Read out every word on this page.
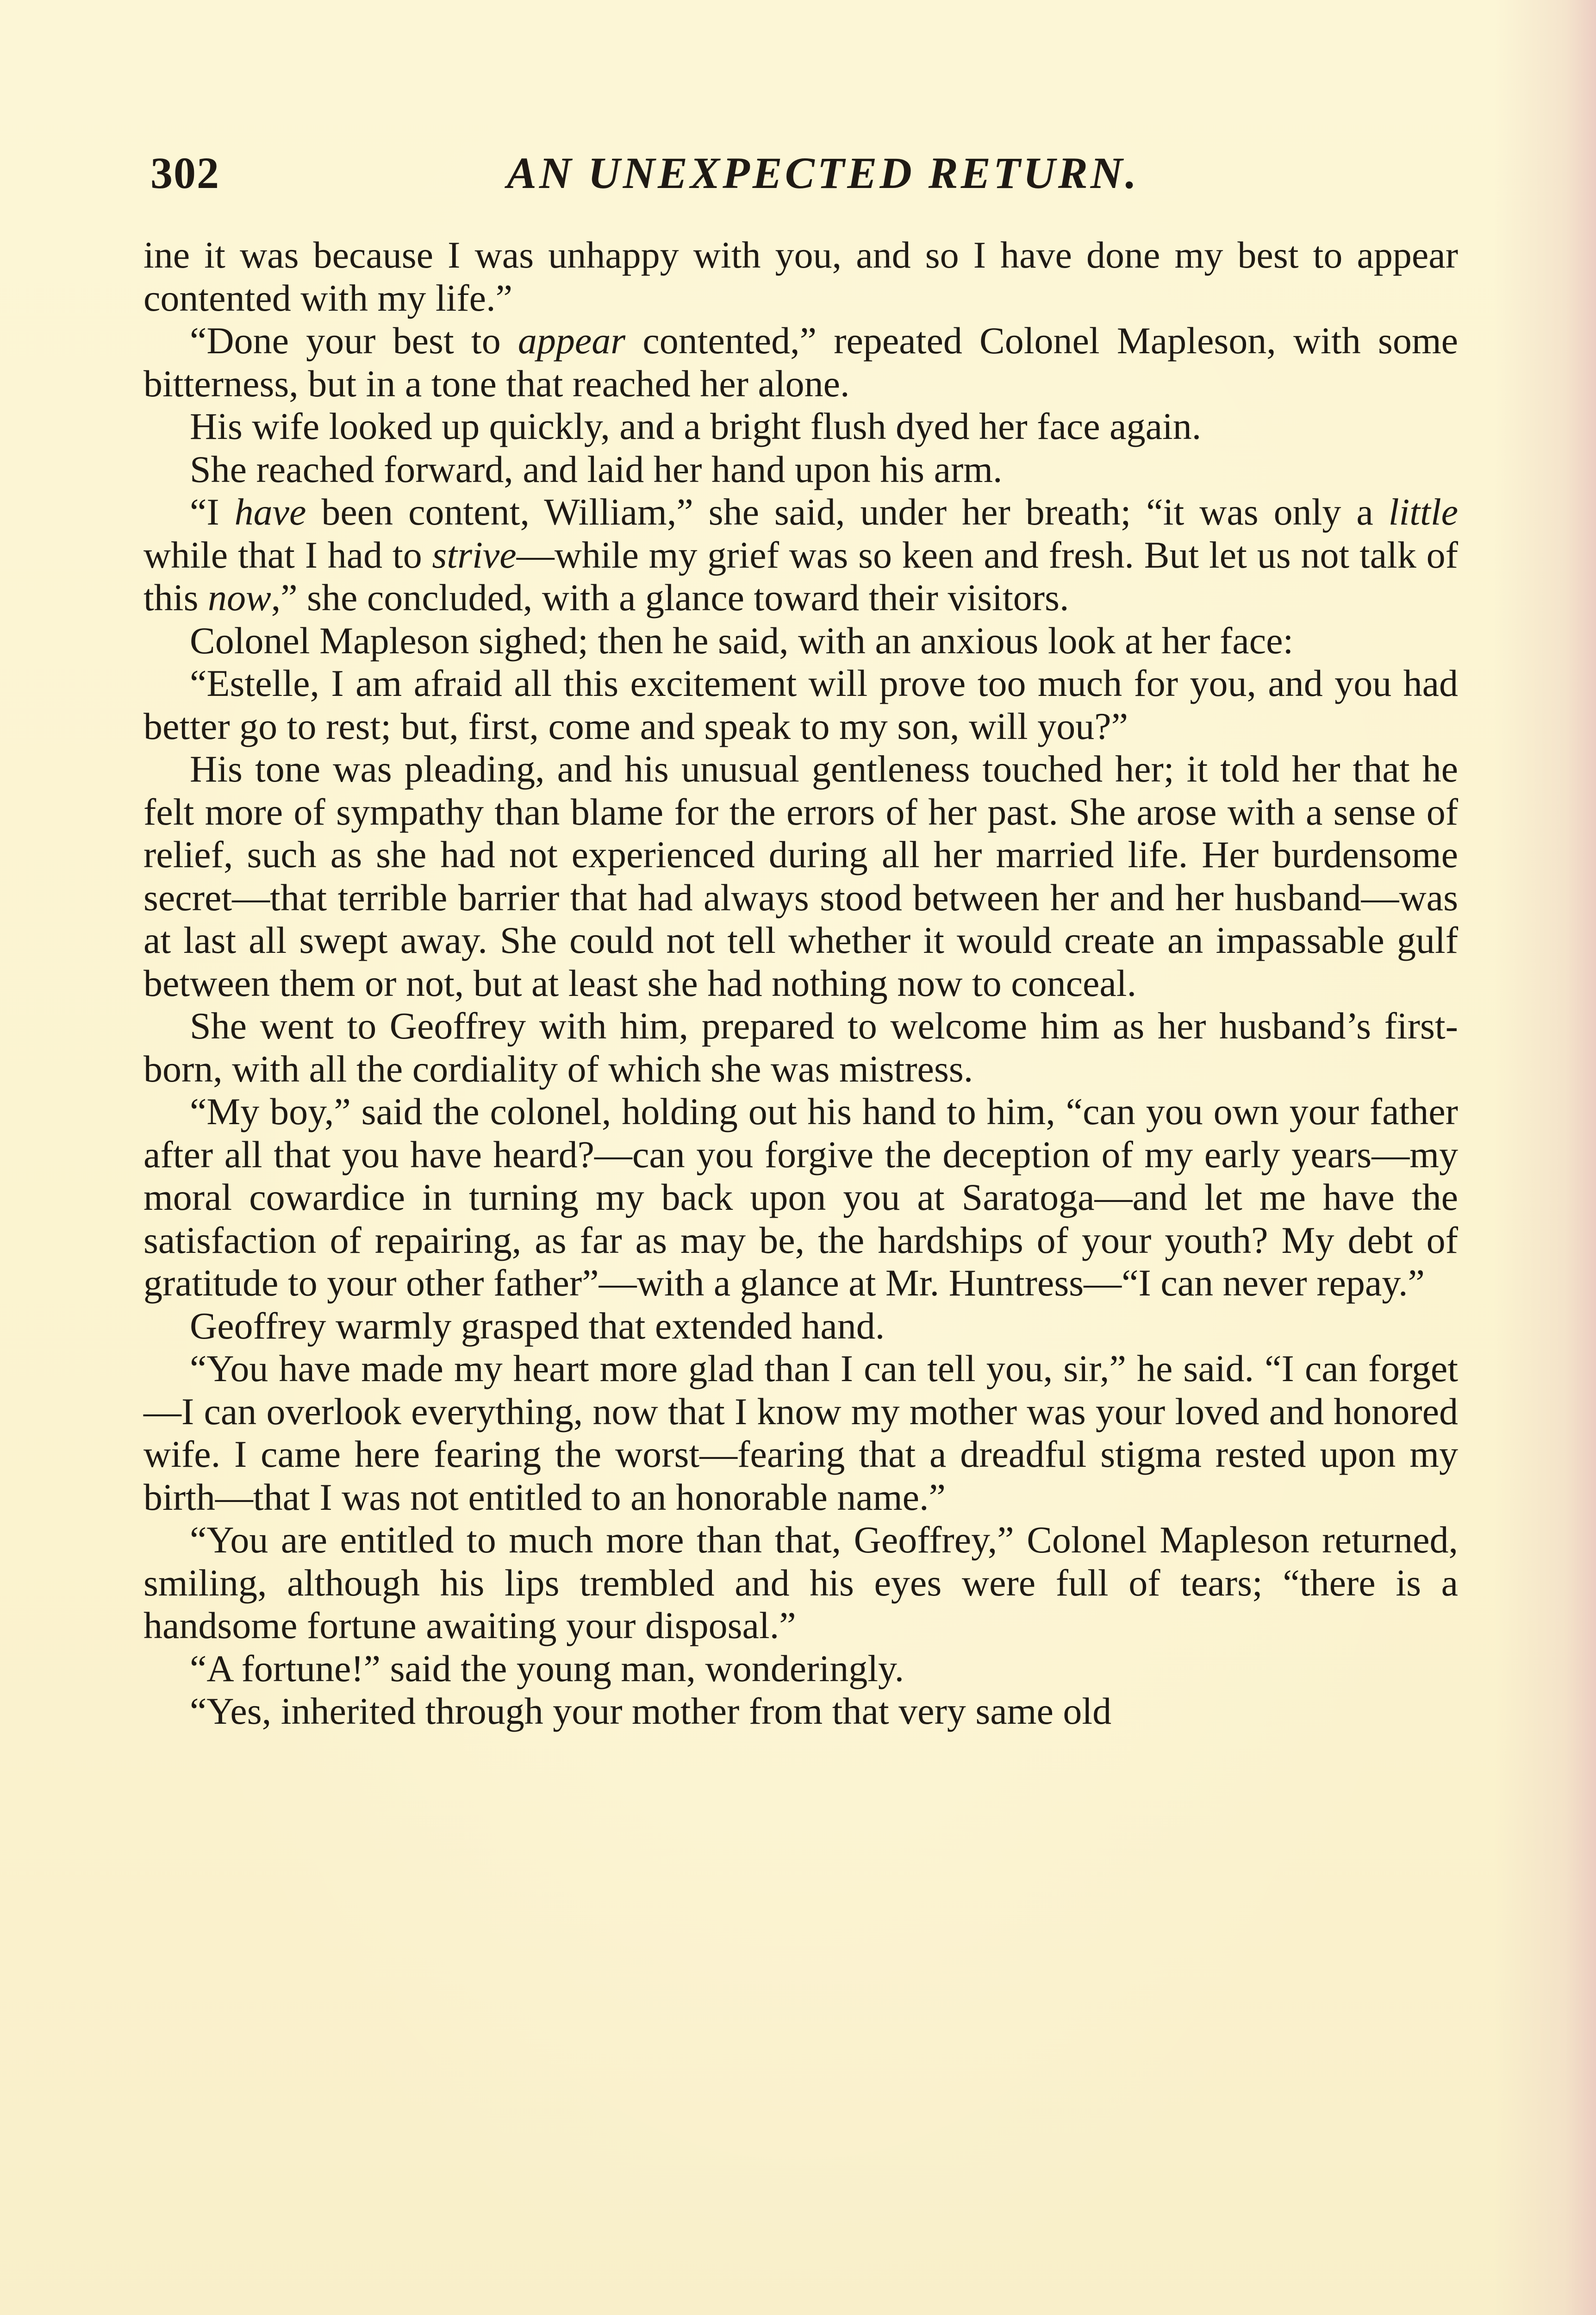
302	AN UNEXPECTED RETURN.

ine it was because I was unhappy with you, and so I have done my best to appear contented with my life.”

“Done your best to appear contented,” repeated Colonel Mapleson, with some bitterness, but in a tone that reached her alone.

His wife looked up quickly, and a bright flush dyed her face again.

She reached forward, and laid her hand upon his arm.

“I have been content, William,” she said, under her breath; “it was only a little while that I had to strive—while my grief was so keen and fresh. But let us not talk of this now,” she concluded, with a glance toward their visitors.

Colonel Mapleson sighed; then he said, with an anxious look at her face:

“Estelle, I am afraid all this excitement will prove too much for you, and you had better go to rest; but, first, come and speak to my son, will you?”

His tone was pleading, and his unusual gentleness touched her; it told her that he felt more of sympathy than blame for the errors of her past. She arose with a sense of relief, such as she had not experienced during all her married life. Her burdensome secret—that terrible barrier that had always stood between her and her husband—was at last all swept away. She could not tell whether it would create an impassable gulf between them or not, but at least she had nothing now to conceal.

She went to Geoffrey with him, prepared to welcome him as her husband’s first-born, with all the cordiality of which she was mistress.

“My boy,” said the colonel, holding out his hand to him, “can you own your father after all that you have heard?—can you forgive the deception of my early years—my moral cowardice in turning my back upon you at Saratoga—and let me have the satisfaction of repairing, as far as may be, the hardships of your youth? My debt of gratitude to your other father”—with a glance at Mr. Huntress—“I can never repay.”

Geoffrey warmly grasped that extended hand.

“You have made my heart more glad than I can tell you, sir,” he said. “I can forget—I can overlook everything, now that I know my mother was your loved and honored wife. I came here fearing the worst—fearing that a dreadful stigma rested upon my birth—that I was not entitled to an honorable name.”

“You are entitled to much more than that, Geoffrey,” Colonel Mapleson returned, smiling, although his lips trembled and his eyes were full of tears; “there is a handsome fortune awaiting your disposal.”

“A fortune!” said the young man, wonderingly.

“Yes, inherited through your mother from that very same old
